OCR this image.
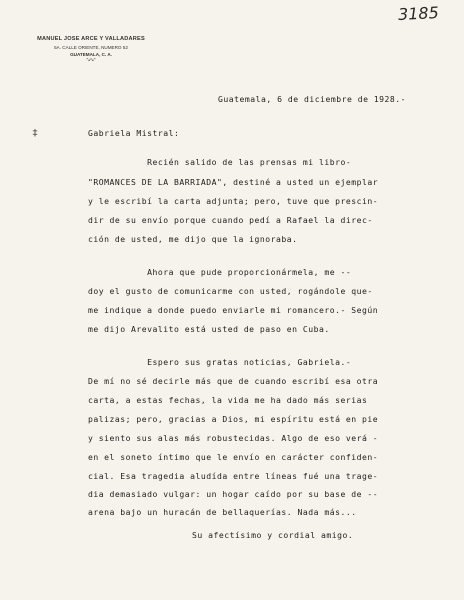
MANUEL JOSE ARCE Y VALLADARES
5A. CALLE ORIENTE, NUMERO 52
GUATEMALA, C. A.
“•°•”
3185
‡
Guatemala, 6 de diciembre de 1928.-
Gabriela Mistral:
Recién salido de las prensas mi libro-
"ROMANCES DE LA BARRIADA", destiné a usted un ejemplar
y le escribí la carta adjunta; pero, tuve que prescin-
dir de su envío porque cuando pedí a Rafael la direc-
ción de usted, me dijo que la ignoraba.
Ahora que pude proporcionármela, me --
doy el gusto de comunicarme con usted, rogándole que-
me indique a donde puedo enviarle mi romancero.- Según
me dijo Arevalito está usted de paso en Cuba.
Espero sus gratas noticias, Gabriela.-
De mí no sé decirle más que de cuando escribí esa otra
carta, a estas fechas, la vida me ha dado más serias
palizas; pero, gracias a Dios, mi espíritu está en pie
y siento sus alas más robustecidas. Algo de eso verá -
en el soneto íntimo que le envío en carácter confiden-
cial. Esa tragedia aludída entre líneas fué una trage-
dia demasiado vulgar: un hogar caído por su base de --
arena bajo un huracán de bellaquerías. Nada más...
Su afectísimo y cordial amigo.
